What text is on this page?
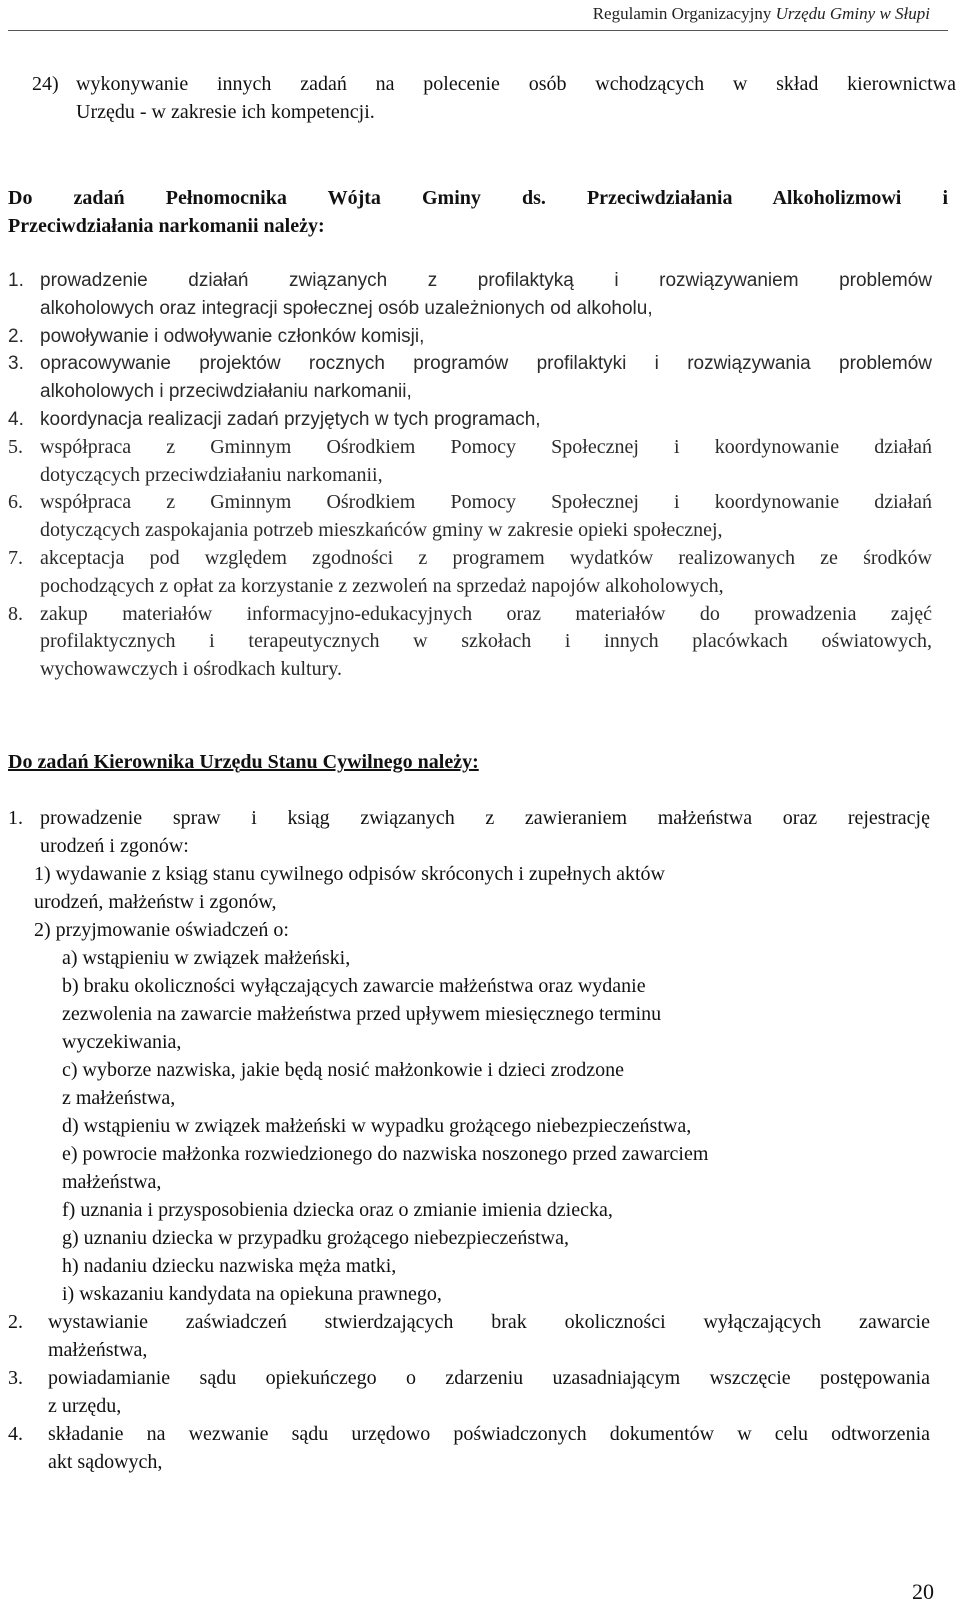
Regulamin Organizacyjny Urzędu Gminy w Słupi
24) wykonywanie innych zadań na polecenie osób wchodzących w skład kierownictwa
Urzędu - w zakresie ich kompetencji.
Do zadań Pełnomocnika Wójta Gminy ds. Przeciwdziałania Alkoholizmowi i
Przeciwdziałania narkomanii należy:
1. prowadzenie działań związanych z profilaktyką i rozwiązywaniem problemów
alkoholowych oraz integracji społecznej osób uzależnionych od alkoholu,
2. powoływanie i odwoływanie członków komisji,
3. opracowywanie projektów rocznych programów profilaktyki i rozwiązywania problemów
alkoholowych i przeciwdziałaniu narkomanii,
4. koordynacja realizacji zadań przyjętych w tych programach,
5. współpraca z Gminnym Ośrodkiem Pomocy Społecznej i koordynowanie działań
dotyczących przeciwdziałaniu narkomanii,
6. współpraca z Gminnym Ośrodkiem Pomocy Społecznej i koordynowanie działań
dotyczących zaspokajania potrzeb mieszkańców gminy w zakresie opieki społecznej,
7. akceptacja pod względem zgodności z programem wydatków realizowanych ze środków
pochodzących z opłat za korzystanie z zezwoleń na sprzedaż napojów alkoholowych,
8. zakup materiałów informacyjno-edukacyjnych oraz materiałów do prowadzenia zajęć
profilaktycznych i terapeutycznych w szkołach i innych placówkach oświatowych,
wychowawczych i ośrodkach kultury.
Do zadań Kierownika Urzędu Stanu Cywilnego należy:
1. prowadzenie spraw i ksiąg związanych z zawieraniem małżeństwa oraz rejestrację
urodzeń i zgonów:
1) wydawanie z ksiąg stanu cywilnego odpisów skróconych i zupełnych aktów
urodzeń, małżeństw i zgonów,
2) przyjmowanie oświadczeń o:
a) wstąpieniu w związek małżeński,
b) braku okoliczności wyłączających zawarcie małżeństwa oraz wydanie
zezwolenia na zawarcie małżeństwa przed upływem miesięcznego terminu
wyczekiwania,
c) wyborze nazwiska, jakie będą nosić małżonkowie i dzieci zrodzone
z małżeństwa,
d) wstąpieniu w związek małżeński w wypadku grożącego niebezpieczeństwa,
e) powrocie małżonka rozwiedzionego do nazwiska noszonego przed zawarciem
małżeństwa,
f) uznania i przysposobienia dziecka oraz o zmianie imienia dziecka,
g) uznaniu dziecka w przypadku grożącego niebezpieczeństwa,
h) nadaniu dziecku nazwiska męża matki,
i) wskazaniu kandydata na opiekuna prawnego,
2.	wystawianie zaświadczeń stwierdzających brak okoliczności wyłączających zawarcie
małżeństwa,
3.	powiadamianie sądu opiekuńczego o zdarzeniu uzasadniającym wszczęcie postępowania
z urzędu,
4.	składanie na wezwanie sądu urzędowo poświadczonych dokumentów w celu odtworzenia
akt sądowych,
20
